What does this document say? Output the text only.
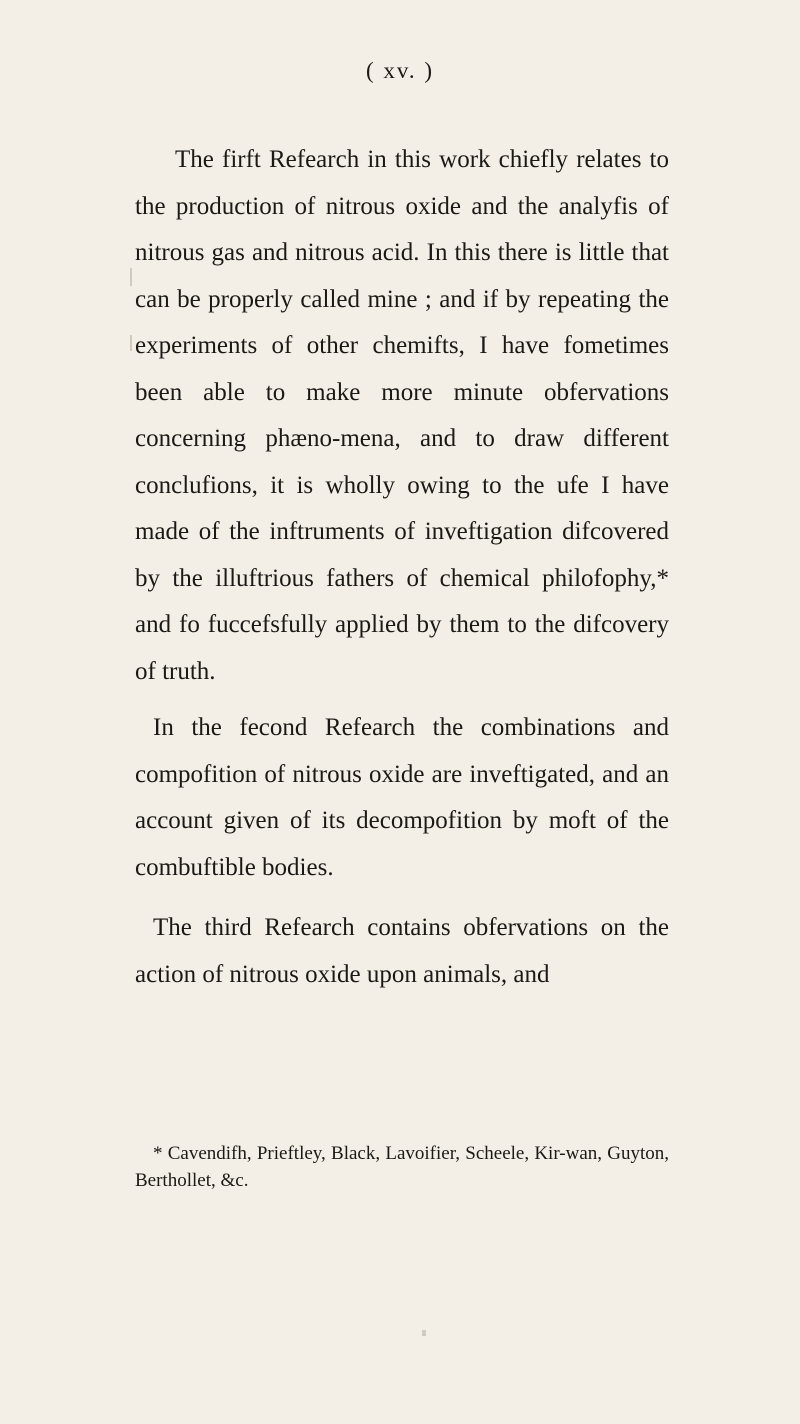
( xv. )

The firft Refearch in this work chiefly relates to the production of nitrous oxide and the analyfis of nitrous gas and nitrous acid. In this there is little that can be properly called mine ; and if by repeating the experiments of other chemifts, I have fometimes been able to make more minute obfervations concerning phæno-mena, and to draw different conclufions, it is wholly owing to the ufe I have made of the inftruments of inveftigation difcovered by the illuftrious fathers of chemical philofophy,* and fo fuccefsfully applied by them to the difcovery of truth.

In the fecond Refearch the combinations and compofition of nitrous oxide are inveftigated, and an account given of its decompofition by moft of the combuftible bodies.

The third Refearch contains obfervations on the action of nitrous oxide upon animals, and

* Cavendifh, Prieftley, Black, Lavoifier, Scheele, Kir-wan, Guyton, Berthollet, &c.
